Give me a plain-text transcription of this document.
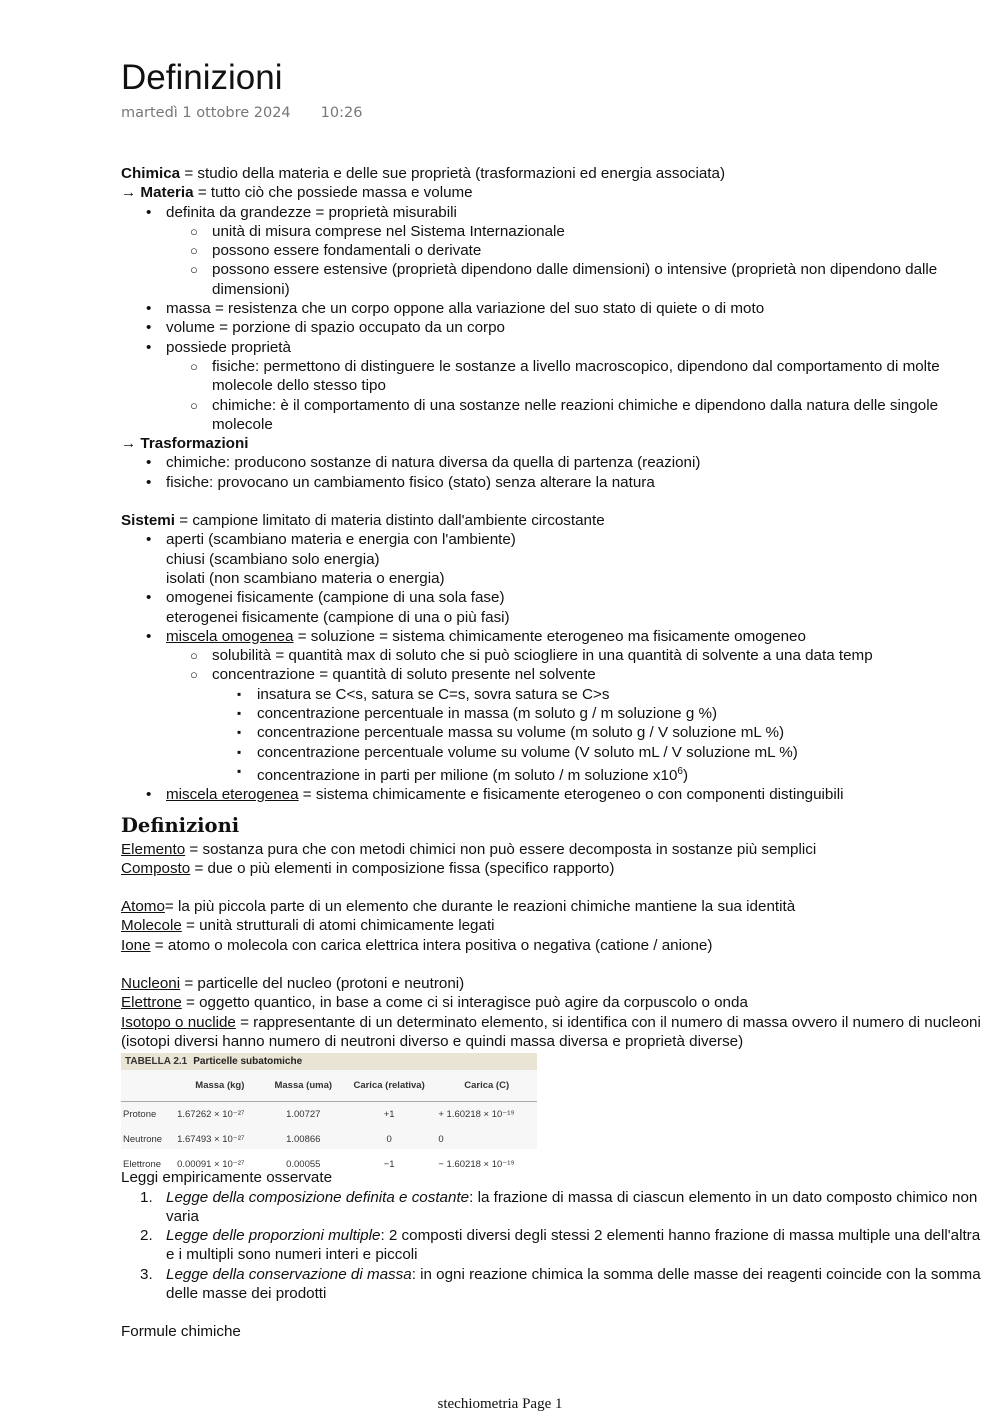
Definizioni
martedì 1 ottobre 2024 10:26

Chimica = studio della materia e delle sue proprietà (trasformazioni ed energia associata)

→ Materia = tutto ciò che possiede massa e volume

• definita da grandezze = proprietà misurabili
○ unità di misura comprese nel Sistema Internazionale
○ possono essere fondamentali o derivate
○ possono essere estensive (proprietà dipendono dalle dimensioni) o intensive (proprietà non dipendono dalle dimensioni)
• massa = resistenza che un corpo oppone alla variazione del suo stato di quiete o di moto
• volume = porzione di spazio occupato da un corpo
• possiede proprietà
○ fisiche: permettono di distinguere le sostanze a livello macroscopico, dipendono dal comportamento di molte molecole dello stesso tipo
○ chimiche: è il comportamento di una sostanze nelle reazioni chimiche e dipendono dalla natura delle singole molecole

→ Trasformazioni

• chimiche: producono sostanze di natura diversa da quella di partenza (reazioni)
• fisiche: provocano un cambiamento fisico (stato) senza alterare la natura

Sistemi = campione limitato di materia distinto dall'ambiente circostante

• aperti (scambiano materia e energia con l'ambiente)
chiusi (scambiano solo energia)
isolati (non scambiano materia o energia)
• omogenei fisicamente (campione di una sola fase)
eterogenei fisicamente (campione di una o più fasi)
• miscela omogenea = soluzione = sistema chimicamente eterogeneo ma fisicamente omogeneo
○ solubilità = quantità max di soluto che si può sciogliere in una quantità di solvente a una data temp
○ concentrazione = quantità di soluto presente nel solvente
▪ insatura se C<s, satura se C=s, sovra satura se C>s
▪ concentrazione percentuale in massa (m soluto g / m soluzione g %)
▪ concentrazione percentuale massa su volume (m soluto g / V soluzione mL %)
▪ concentrazione percentuale volume su volume (V soluto mL / V soluzione mL %)
▪ concentrazione in parti per milione (m soluto / m soluzione $x10^6$)
• miscela eterogenea = sistema chimicamente e fisicamente eterogeneo o con componenti distinguibili
Definizioni

Elemento = sostanza pura che con metodi chimici non può essere decomposta in sostanze più semplici

Composto = due o più elementi in composizione fissa (specifico rapporto)

Atomo= la più piccola parte di un elemento che durante le reazioni chimiche mantiene la sua identità

Molecole = unità strutturali di atomi chimicamente legati

Ione = atomo o molecola con carica elettrica intera positiva o negativa (catione / anione)

Nucleoni = particelle del nucleo (protoni e neutroni)

Elettrone = oggetto quantico, in base a come ci si interagisce può agire da corpuscolo o onda

Isotopo o nuclide = rappresentante di un determinato elemento, si identifica con il numero di massa ovvero il numero di nucleoni (isotopi diversi hanno numero di neutroni diverso e quindi massa diversa e proprietà diverse)

TABELLA 2.1 Particelle subatomiche
	Massa (kg)	Massa (uma)	Carica (relativa)	Carica (C)
Protone	1.67262 × 10⁻²⁷	1.00727	+1	+ 1.60218 × 10⁻¹⁹
Neutrone	1.67493 × 10⁻²⁷	1.00866	0	0
Elettrone	0.00091 × 10⁻²⁷	0.00055	−1	− 1.60218 × 10⁻¹⁹

Leggi empiricamente osservate

1. Legge della composizione definita e costante: la frazione di massa di ciascun elemento in un dato composto chimico non varia
2. Legge delle proporzioni multiple: 2 composti diversi degli stessi 2 elementi hanno frazione di massa multiple una dell'altra e i multipli sono numeri interi e piccoli
3. Legge della conservazione di massa: in ogni reazione chimica la somma delle masse dei reagenti coincide con la somma delle masse dei prodotti

Formule chimiche

stechiometria Page 1
